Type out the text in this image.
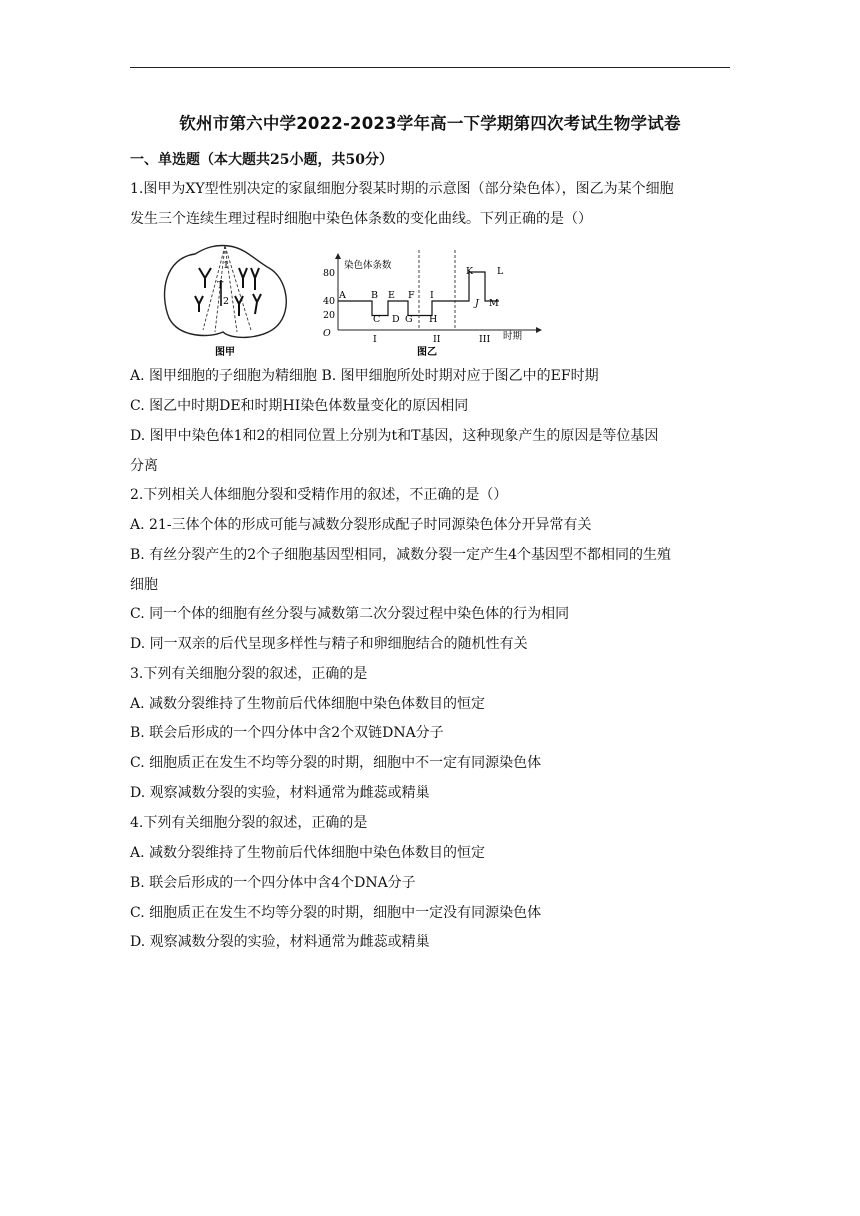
钦州市第六中学2022-2023学年高一下学期第四次考试生物学试卷
一、单选题（本大题共25小题，共50分）
1.图甲为XY型性别决定的家鼠细胞分裂某时期的示意图（部分染色体），图乙为某个细胞
发生三个连续生理过程时细胞中染色体条数的变化曲线。下列正确的是（）
1
T
2
图甲
染色体条数
80
40
20
O	时期
A	B
C D
E F
G H
I
J
K	L
M
I	II	III
图乙
A. 图甲细胞的子细胞为精细胞 B. 图甲细胞所处时期对应于图乙中的EF时期
C. 图乙中时期DE和时期HI染色体数量变化的原因相同
D. 图甲中染色体1和2的相同位置上分别为t和T基因，这种现象产生的原因是等位基因
分离
2.下列相关人体细胞分裂和受精作用的叙述，不正确的是（）
A. 21-三体个体的形成可能与减数分裂形成配子时同源染色体分开异常有关
B. 有丝分裂产生的2个子细胞基因型相同，减数分裂一定产生4个基因型不都相同的生殖
细胞
C. 同一个体的细胞有丝分裂与减数第二次分裂过程中染色体的行为相同
D. 同一双亲的后代呈现多样性与精子和卵细胞结合的随机性有关
3.下列有关细胞分裂的叙述，正确的是
A. 减数分裂维持了生物前后代体细胞中染色体数目的恒定
B. 联会后形成的一个四分体中含2个双链DNA分子
C. 细胞质正在发生不均等分裂的时期，细胞中不一定有同源染色体
D. 观察减数分裂的实验，材料通常为雌蕊或精巢
4.下列有关细胞分裂的叙述，正确的是
A. 减数分裂维持了生物前后代体细胞中染色体数目的恒定
B. 联会后形成的一个四分体中含4个DNA分子
C. 细胞质正在发生不均等分裂的时期，细胞中一定没有同源染色体
D. 观察减数分裂的实验，材料通常为雌蕊或精巢
